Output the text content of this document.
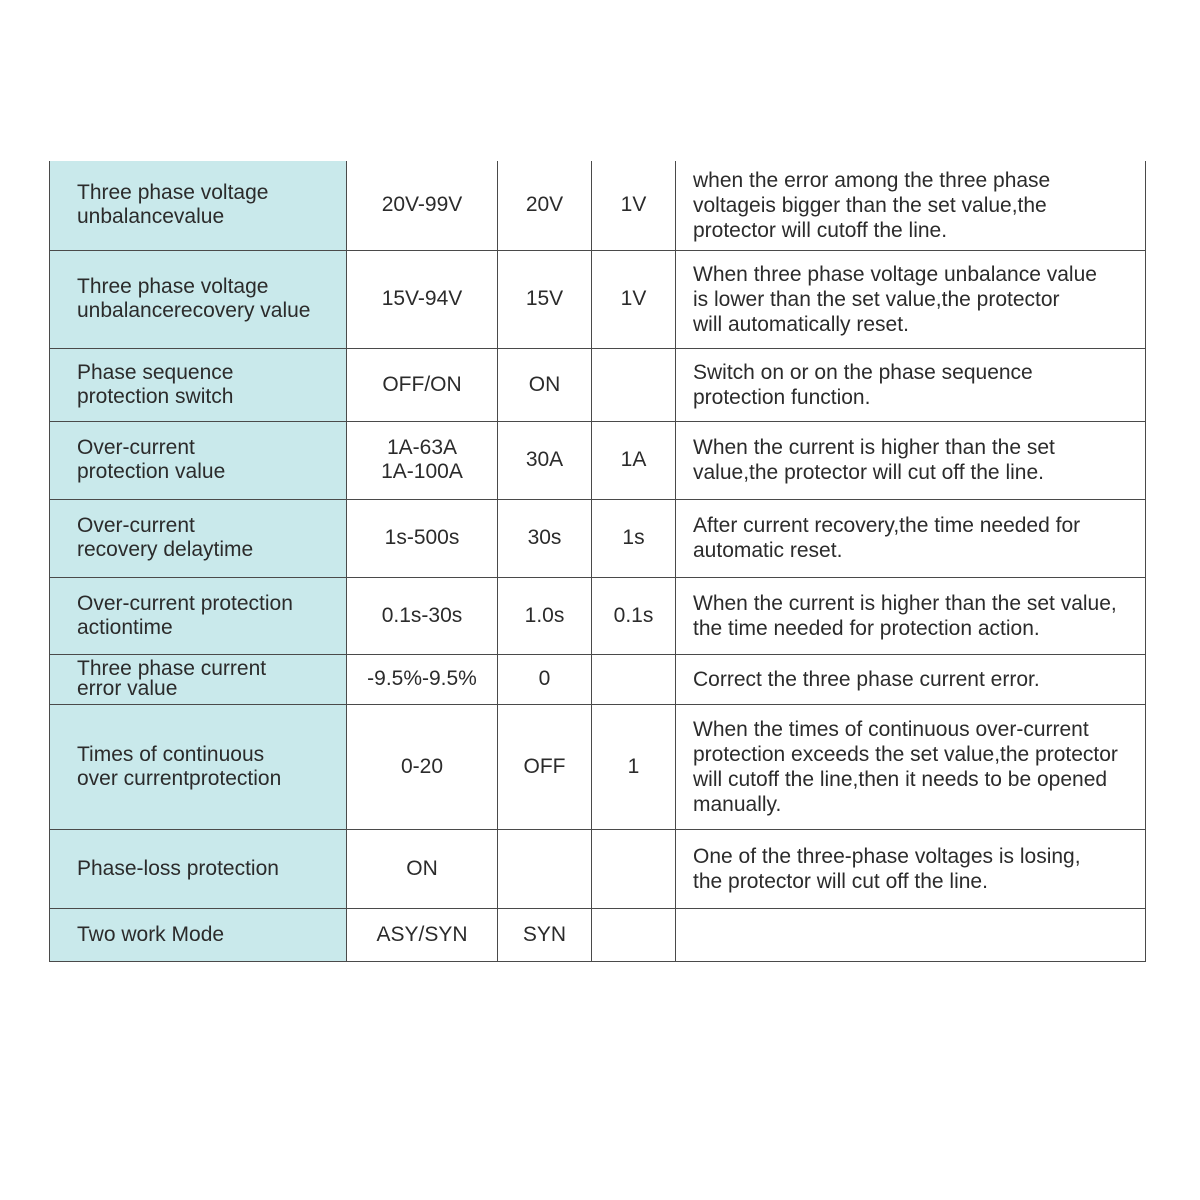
Three phase voltage
unbalancevalue	20V-99V	20V	1V	when the error among the three phase
voltageis bigger than the set value,the
protector will cutoff the line.
Three phase voltage
unbalancerecovery value	15V-94V	15V	1V	When three phase voltage unbalance value
is lower than the set value,the protector
will automatically reset.
Phase sequence
protection switch	OFF/ON	ON		Switch on or on the phase sequence
protection function.
Over-current
protection value	1A-63A
1A-100A	30A	1A	When the current is higher than the set
value,the protector will cut off the line.
Over-current
recovery delaytime	1s-500s	30s	1s	After current recovery,the time needed for
automatic reset.
Over-current protection
actiontime	0.1s-30s	1.0s	0.1s	When the current is higher than the set value,
the time needed for protection action.
Three phase current
error value	-9.5%-9.5%	0		Correct the three phase current error.
Times of continuous
over currentprotection	0-20	OFF	1	When the times of continuous over-current
protection exceeds the set value,the protector
will cutoff the line,then it needs to be opened
manually.
Phase-loss protection	ON			One of the three-phase voltages is losing,
the protector will cut off the line.
Two work Mode	ASY/SYN	SYN		
